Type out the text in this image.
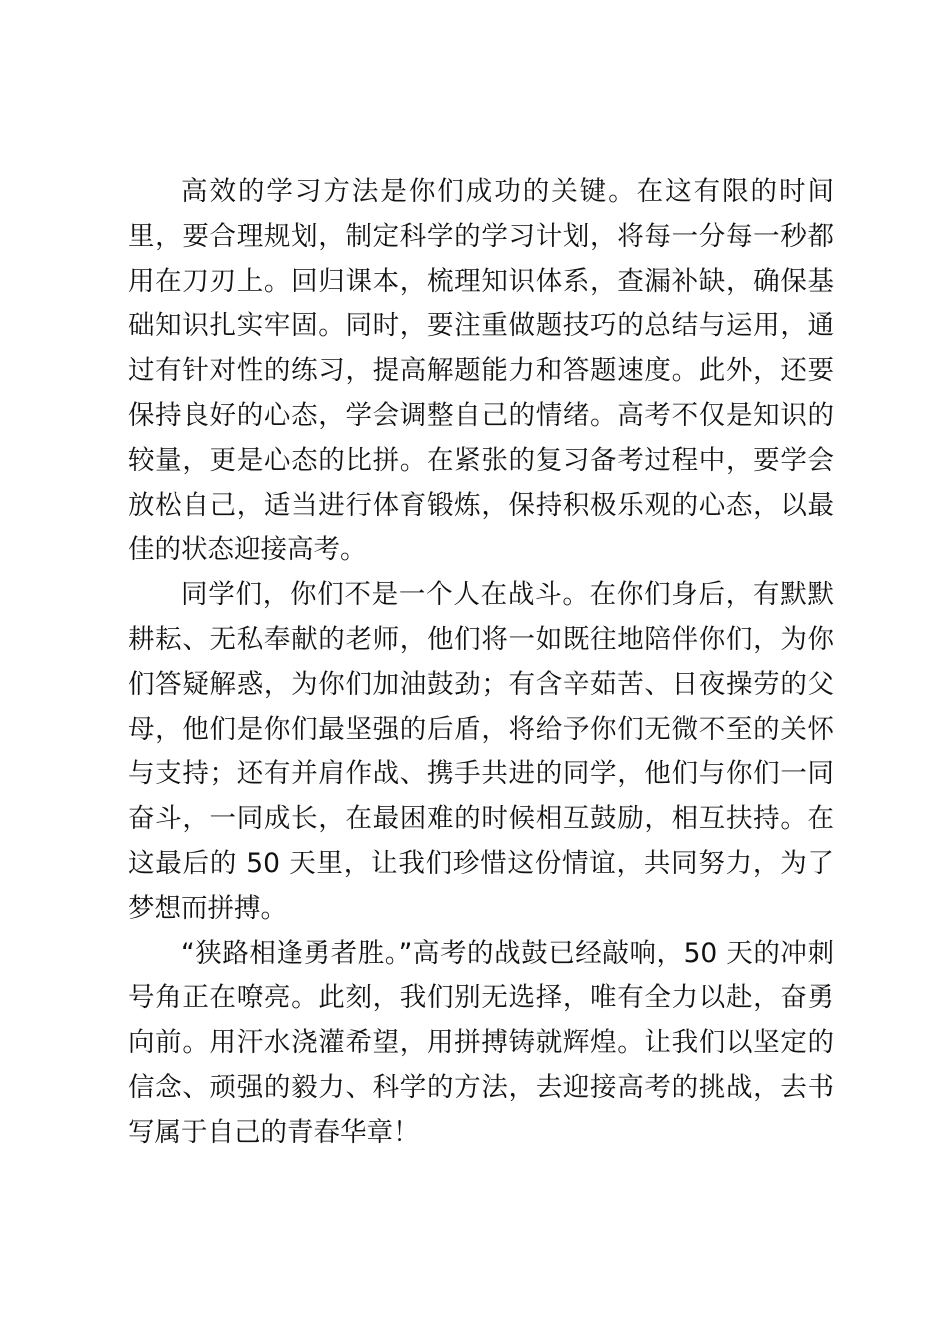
高效的学习方法是你们成功的关键。在这有限的时间里，要合理规划，制定科学的学习计划，将每一分每一秒都用在刀刃上。回归课本，梳理知识体系，查漏补缺，确保基础知识扎实牢固。同时，要注重做题技巧的总结与运用，通过有针对性的练习，提高解题能力和答题速度。此外，还要保持良好的心态，学会调整自己的情绪。高考不仅是知识的较量，更是心态的比拼。在紧张的复习备考过程中，要学会放松自己，适当进行体育锻炼，保持积极乐观的心态，以最佳的状态迎接高考。

同学们，你们不是一个人在战斗。在你们身后，有默默耕耘、无私奉献的老师，他们将一如既往地陪伴你们，为你们答疑解惑，为你们加油鼓劲；有含辛茹苦、日夜操劳的父母，他们是你们最坚强的后盾，将给予你们无微不至的关怀与支持；还有并肩作战、携手共进的同学，他们与你们一同奋斗，一同成长，在最困难的时候相互鼓励，相互扶持。在这最后的 50 天里，让我们珍惜这份情谊，共同努力，为了梦想而拼搏。

“狭路相逢勇者胜。”高考的战鼓已经敲响，50 天的冲刺号角正在嘹亮。此刻，我们别无选择，唯有全力以赴，奋勇向前。用汗水浇灌希望，用拼搏铸就辉煌。让我们以坚定的信念、顽强的毅力、科学的方法，去迎接高考的挑战，去书写属于自己的青春华章！
